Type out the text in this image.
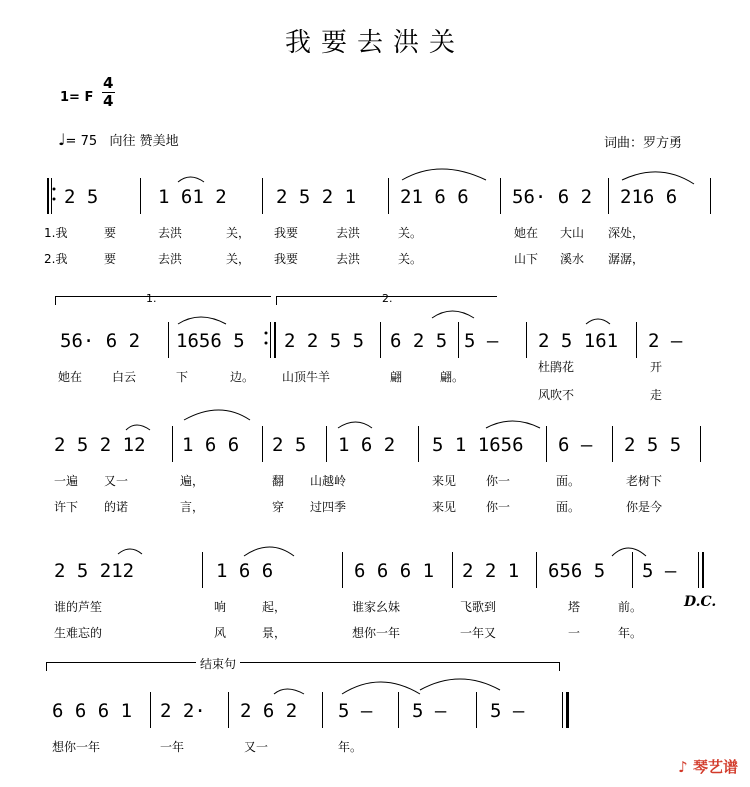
我要去洪关
1= F
4
4
♩= 75 向往 赞美地	词曲：罗方勇
2 5	1 61 2	2 5 2 1 21 6 6 56· 6 2 216 6
1.我	要	去洪	关， 我要	去洪	关。	她在 大山 深处，
2.我	要	去洪	关， 我要	去洪	关。	山下 溪水 潺潺，
1.	2.
56· 6 2 1656 5 2 2 5 5 6 2 5 5 – 2 5 161 2 –
她在 白云	下	边。 山顶牛羊	翩	翩。
杜鹃花	开
风吹不	走
2 5 2 12 1 6 6 2 5 1 6 2 5 1 1656 6 – 2 5 5
一遍 又一	遍，	翻 山越岭	来见 你一	面。	老树下
许下 的诺	言，	穿 过四季	来见 你一	面。	你是今
2 5 212	1 6 6	6 6 6 1 2 2 1 656 5 5 –
谁的芦笙	响	起，	谁家幺妹	飞歌到	塔	前。
生难忘的	风	景，	想你一年	一年又	一	年。
D.C.
结束句
6 6 6 1 2 2· 2 6 2 5 – 5 – 5 –
想你一年	一年	又一	年。
♪ 琴艺谱
